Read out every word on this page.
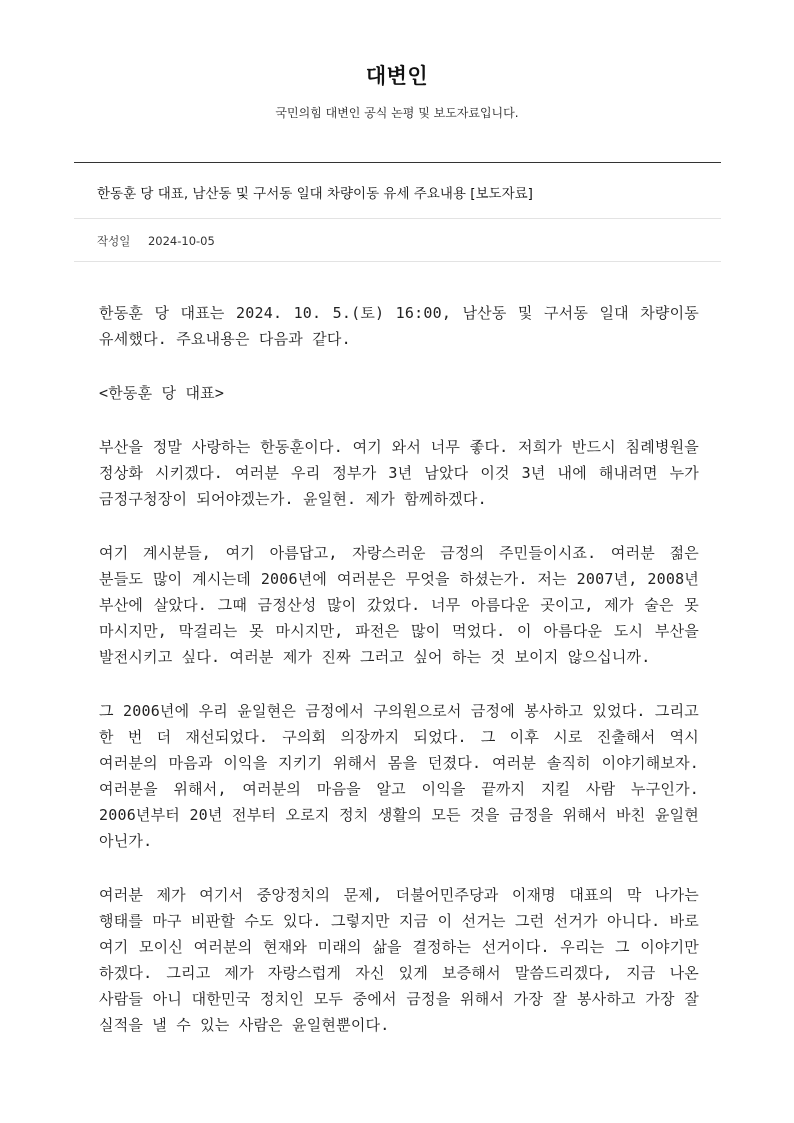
대변인
국민의힘 대변인 공식 논평 및 보도자료입니다.
한동훈 당 대표, 남산동 및 구서동 일대 차량이동 유세 주요내용 [보도자료]
작성일 2024-10-05

한동훈 당 대표는 2024. 10. 5.(토) 16:00, 남산동 및 구서동 일대 차량이동 유세했다. 주요내용은 다음과 같다.

<한동훈 당 대표>

부산을 정말 사랑하는 한동훈이다. 여기 와서 너무 좋다. 저희가 반드시 침례병원을 정상화 시키겠다. 여러분 우리 정부가 3년 남았다 이것 3년 내에 해내려면 누가 금정구청장이 되어야겠는가. 윤일현. 제가 함께하겠다.

여기 계시분들, 여기 아름답고, 자랑스러운 금정의 주민들이시죠. 여러분 젊은 분들도 많이 계시는데 2006년에 여러분은 무엇을 하셨는가. 저는 2007년, 2008년 부산에 살았다. 그때 금정산성 많이 갔었다. 너무 아름다운 곳이고, 제가 술은 못 마시지만, 막걸리는 못 마시지만, 파전은 많이 먹었다. 이 아름다운 도시 부산을 발전시키고 싶다. 여러분 제가 진짜 그러고 싶어 하는 것 보이지 않으십니까.

그 2006년에 우리 윤일현은 금정에서 구의원으로서 금정에 봉사하고 있었다. 그리고 한 번 더 재선되었다. 구의회 의장까지 되었다. 그 이후 시로 진출해서 역시 여러분의 마음과 이익을 지키기 위해서 몸을 던졌다. 여러분 솔직히 이야기해보자. 여러분을 위해서, 여러분의 마음을 알고 이익을 끝까지 지킬 사람 누구인가. 2006년부터 20년 전부터 오로지 정치 생활의 모든 것을 금정을 위해서 바친 윤일현 아닌가.

여러분 제가 여기서 중앙정치의 문제, 더불어민주당과 이재명 대표의 막 나가는 행태를 마구 비판할 수도 있다. 그렇지만 지금 이 선거는 그런 선거가 아니다. 바로 여기 모이신 여러분의 현재와 미래의 삶을 결정하는 선거이다. 우리는 그 이야기만 하겠다. 그리고 제가 자랑스럽게 자신 있게 보증해서 말씀드리겠다, 지금 나온 사람들 아니 대한민국 정치인 모두 중에서 금정을 위해서 가장 잘 봉사하고 가장 잘 실적을 낼 수 있는 사람은 윤일현뿐이다.
